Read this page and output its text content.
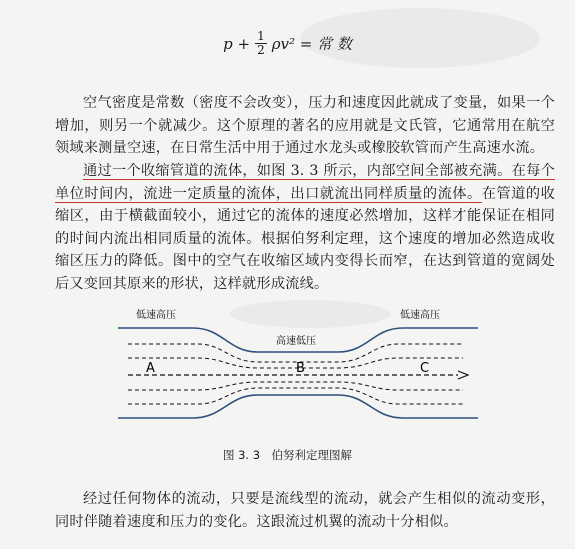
$p + \frac{1}{2} \rho v^2$ = 常 数

空气密度是常数（密度不会改变），压力和速度因此就成了变量，如果一个增加，则另一个就减少。这个原理的著名的应用就是文氏管，它通常用在航空领域来测量空速，在日常生活中用于通过水龙头或橡胶软管而产生高速水流。

通过一个收缩管道的流体，如图 3. 3 所示，内部空间全部被充满。在每个单位时间内，流进一定质量的流体，出口就流出同样质量的流体。在管道的收缩区，由于横截面较小，通过它的流体的速度必然增加，这样才能保证在相同的时间内流出相同质量的流体。根据伯努利定理，这个速度的增加必然造成收缩区压力的降低。图中的空气在收缩区域内变得长而窄，在达到管道的宽阔处后又变回其原来的形状，这样就形成流线。

低速高压	低速高压
高速低压
A	B	C
图 3. 3　伯努利定理图解

经过任何物体的流动，只要是流线型的流动，就会产生相似的流动变形，同时伴随着速度和压力的变化。这跟流过机翼的流动十分相似。
